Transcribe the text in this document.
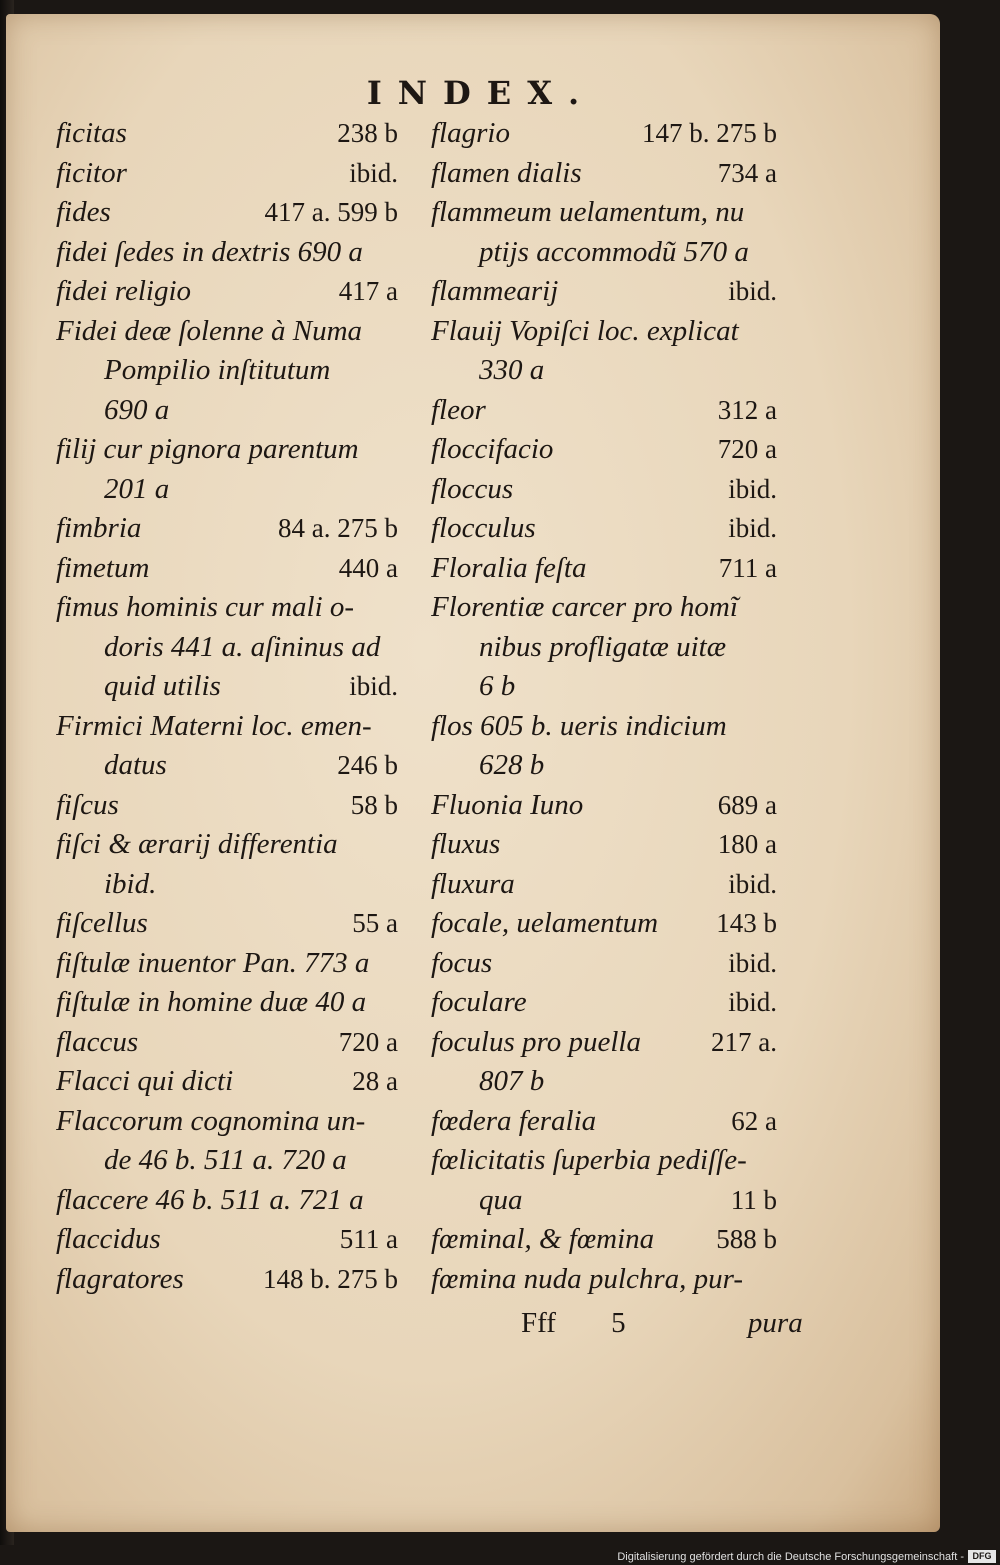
INDEX.
ficitas	238 b
ficitor	ibid.
fides	417 a. 599 b
fidei ſedes in dextris 690 a
fidei religio	417 a
Fidei deæ ſolenne à Numa
Pompilio inſtitutum
690 a
filij cur pignora parentum
201 a
fimbria	84 a. 275 b
fimetum	440 a
fimus hominis cur mali o-
doris 441 a. aſininus ad
quid utilis	ibid.
Firmici Materni loc. emen-
datus	246 b
fiſcus	58 b
fiſci & ærarij differentia
ibid.
fiſcellus	55 a
fiſtulæ inuentor Pan. 773 a
fiſtulæ in homine duæ 40 a
flaccus	720 a
Flacci qui dicti	28 a
Flaccorum cognomina un-
de 46 b. 511 a. 720 a
flaccere 46 b. 511 a. 721 a
flaccidus	511 a
flagratores	148 b. 275 b
flagrio	147 b. 275 b
flamen dialis	734 a
flammeum uelamentum, nu
ptijs accommodũ 570 a
flammearij	ibid.
Flauij Vopiſci loc. explicat
330 a
fleor	312 a
floccifacio	720 a
floccus	ibid.
flocculus	ibid.
Floralia feſta	711 a
Florentiæ carcer pro homĩ
nibus profligatæ uitæ
6 b
flos 605 b. ueris indicium
628 b
Fluonia Iuno	689 a
fluxus	180 a
fluxura	ibid.
focale, uelamentum 143 b
focus	ibid.
foculare	ibid.
foculus pro puella	217 a.
807 b
fœdera feralia	62 a
fœlicitatis ſuperbia pediſſe-
qua	11 b
fœminal, & fœmina 588 b
fœmina nuda pulchra, pur-
Fff 5	pura
Digitalisierung gefördert durch die Deutsche Forschungsgemeinschaft - DFG
